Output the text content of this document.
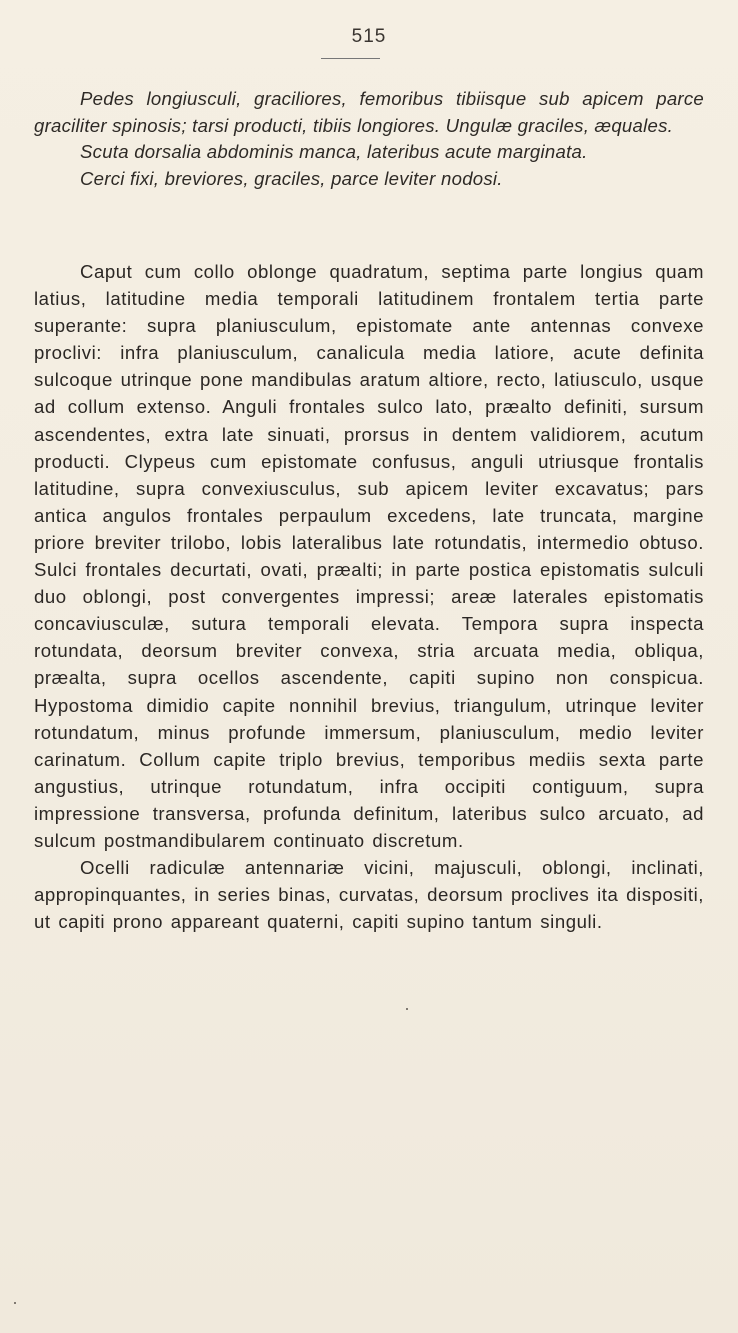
515

Pedes longiusculi, graciliores, femoribus tibiisque sub apicem parce graciliter spinosis; tarsi producti, tibiis longiores. Ungulæ graciles, æquales.

Scuta dorsalia abdominis manca, lateribus acute marginata.

Cerci fixi, breviores, graciles, parce leviter nodosi.

Caput cum collo oblonge quadratum, septima parte longius quam latius, latitudine media temporali latitudinem frontalem tertia parte superante: supra planiusculum, epistomate ante antennas convexe proclivi: infra planiusculum, canalicula media latiore, acute definita sulcoque utrinque pone mandibulas aratum altiore, recto, latiusculo, usque ad collum extenso. Anguli frontales sulco lato, præalto definiti, sursum ascendentes, extra late sinuati, prorsus in dentem validiorem, acutum producti. Clypeus cum epistomate confusus, anguli utriusque frontalis latitudine, supra convexiusculus, sub apicem leviter excavatus; pars antica angulos frontales perpaulum excedens, late truncata, margine priore breviter trilobo, lobis lateralibus late rotundatis, intermedio obtuso. Sulci frontales decurtati, ovati, præalti; in parte postica epistomatis sulculi duo oblongi, post convergentes impressi; areæ laterales epistomatis concaviusculæ, sutura temporali elevata. Tempora supra inspecta rotundata, deorsum breviter convexa, stria arcuata media, obliqua, præalta, supra ocellos ascendente, capiti supino non conspicua. Hypostoma dimidio capite nonnihil brevius, triangulum, utrinque leviter rotundatum, minus profunde immersum, planiusculum, medio leviter carinatum. Collum capite triplo brevius, temporibus mediis sexta parte angustius, utrinque rotundatum, infra occipiti contiguum, supra impressione transversa, profunda definitum, lateribus sulco arcuato, ad sulcum postmandibularem continuato discretum.

Ocelli radiculæ antennariæ vicini, majusculi, oblongi, inclinati, appropinquantes, in series binas, curvatas, deorsum proclives ita dispositi, ut capiti prono appareant quaterni, capiti supino tantum singuli.
